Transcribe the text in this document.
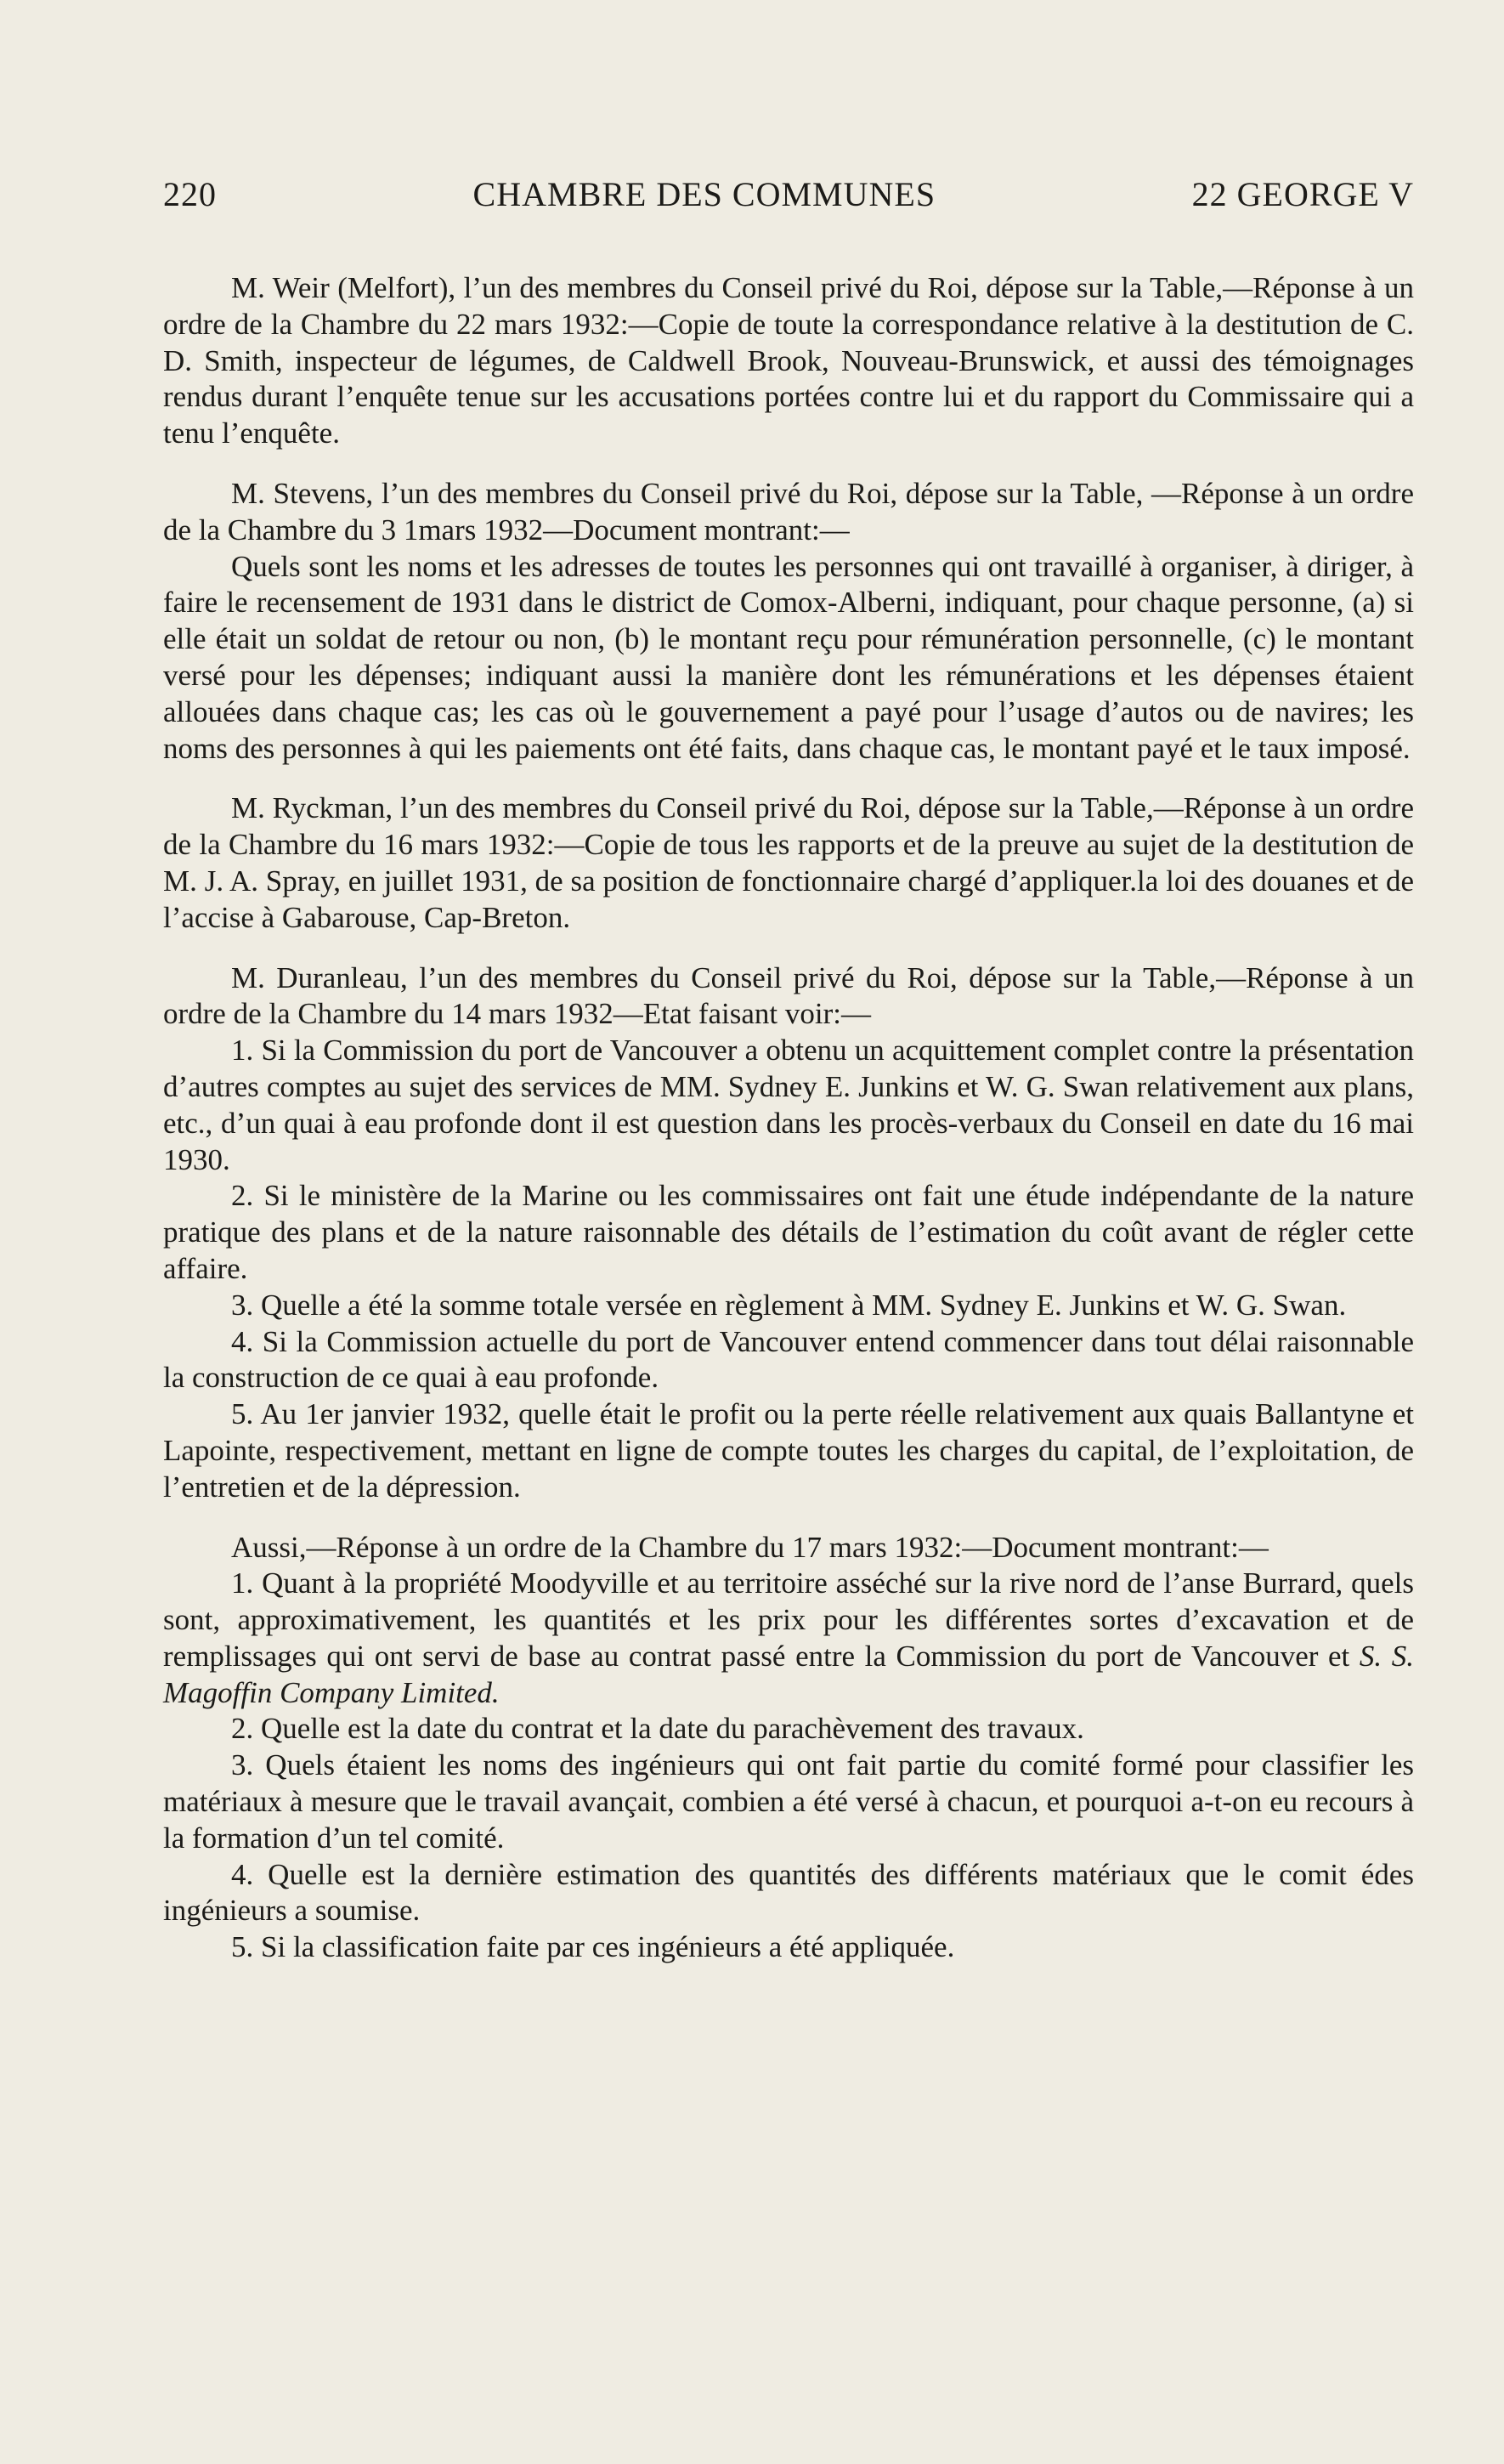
220	CHAMBRE DES COMMUNES	22 GEORGE V

M. Weir (Melfort), l’un des membres du Conseil privé du Roi, dépose sur la Table,—Réponse à un ordre de la Chambre du 22 mars 1932:—Copie de toute la correspondance relative à la destitution de C. D. Smith, inspecteur de légumes, de Caldwell Brook, Nouveau-Brunswick, et aussi des témoignages rendus durant l’enquête tenue sur les accusations portées contre lui et du rapport du Commissaire qui a tenu l’enquête.

M. Stevens, l’un des membres du Conseil privé du Roi, dépose sur la Table, —Réponse à un ordre de la Chambre du 3 1mars 1932—Document montrant:—

Quels sont les noms et les adresses de toutes les personnes qui ont travaillé à organiser, à diriger, à faire le recensement de 1931 dans le district de Comox-Alberni, indiquant, pour chaque personne, (a) si elle était un soldat de retour ou non, (b) le montant reçu pour rémunération personnelle, (c) le montant versé pour les dépenses; indiquant aussi la manière dont les rémunérations et les dépenses étaient allouées dans chaque cas; les cas où le gouvernement a payé pour l’usage d’autos ou de navires; les noms des personnes à qui les paiements ont été faits, dans chaque cas, le montant payé et le taux imposé.

M. Ryckman, l’un des membres du Conseil privé du Roi, dépose sur la Table,—Réponse à un ordre de la Chambre du 16 mars 1932:—Copie de tous les rapports et de la preuve au sujet de la destitution de M. J. A. Spray, en juillet 1931, de sa position de fonctionnaire chargé d’appliquer.la loi des douanes et de l’accise à Gabarouse, Cap-Breton.

M. Duranleau, l’un des membres du Conseil privé du Roi, dépose sur la Table,—Réponse à un ordre de la Chambre du 14 mars 1932—Etat faisant voir:—

1. Si la Commission du port de Vancouver a obtenu un acquittement complet contre la présentation d’autres comptes au sujet des services de MM. Sydney E. Junkins et W. G. Swan relativement aux plans, etc., d’un quai à eau profonde dont il est question dans les procès-verbaux du Conseil en date du 16 mai 1930.

2. Si le ministère de la Marine ou les commissaires ont fait une étude indépendante de la nature pratique des plans et de la nature raisonnable des détails de l’estimation du coût avant de régler cette affaire.

3. Quelle a été la somme totale versée en règlement à MM. Sydney E. Junkins et W. G. Swan.

4. Si la Commission actuelle du port de Vancouver entend commencer dans tout délai raisonnable la construction de ce quai à eau profonde.

5. Au 1er janvier 1932, quelle était le profit ou la perte réelle relativement aux quais Ballantyne et Lapointe, respectivement, mettant en ligne de compte toutes les charges du capital, de l’exploitation, de l’entretien et de la dépression.

Aussi,—Réponse à un ordre de la Chambre du 17 mars 1932:—Document montrant:—

1. Quant à la propriété Moodyville et au territoire asséché sur la rive nord de l’anse Burrard, quels sont, approximativement, les quantités et les prix pour les différentes sortes d’excavation et de remplissages qui ont servi de base au contrat passé entre la Commission du port de Vancouver et S. S. Magoffin Company Limited.

2. Quelle est la date du contrat et la date du parachèvement des travaux.

3. Quels étaient les noms des ingénieurs qui ont fait partie du comité formé pour classifier les matériaux à mesure que le travail avançait, combien a été versé à chacun, et pourquoi a-t-on eu recours à la formation d’un tel comité.

4. Quelle est la dernière estimation des quantités des différents matériaux que le comit édes ingénieurs a soumise.

5. Si la classification faite par ces ingénieurs a été appliquée.
